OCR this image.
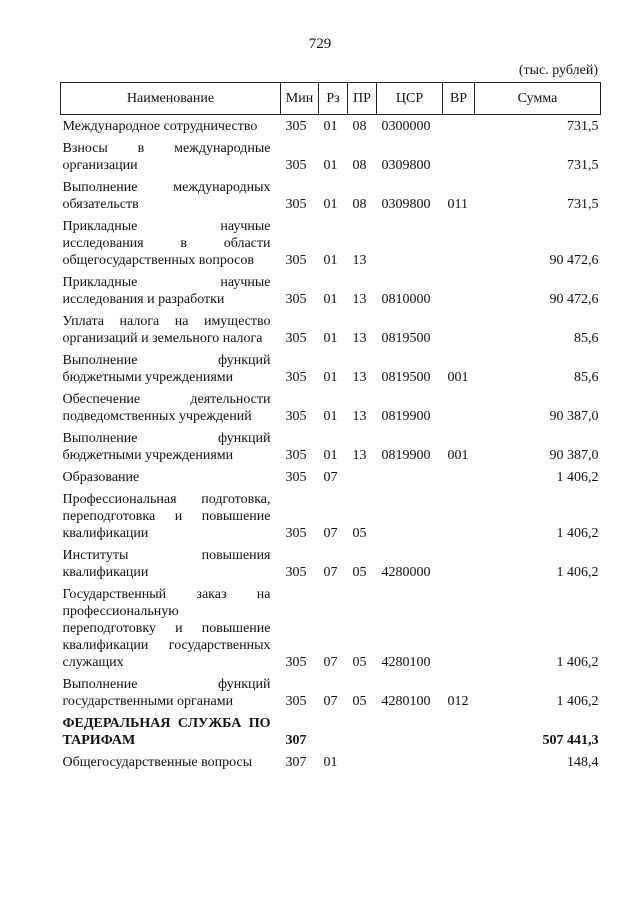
729
(тыс. рублей)
Наименование	Мин	Рз	ПР	ЦСР	ВР	Сумма
Международное сотрудничество	305	01	08	0300000		731,5
Взносы в международные организации	305	01	08	0309800		731,5
Выполнение международных обязательств	305	01	08	0309800	011	731,5
Прикладные научные исследования в области общегосударственных вопросов	305	01	13			90 472,6
Прикладные научные исследования и разработки	305	01	13	0810000		90 472,6
Уплата налога на имущество организаций и земельного налога	305	01	13	0819500		85,6
Выполнение функций бюджетными учреждениями	305	01	13	0819500	001	85,6
Обеспечение деятельности подведомственных учреждений	305	01	13	0819900		90 387,0
Выполнение функций бюджетными учреждениями	305	01	13	0819900	001	90 387,0
Образование	305	07				1 406,2
Профессиональная подготовка, переподготовка и повышение квалификации	305	07	05			1 406,2
Институты повышения квалификации	305	07	05	4280000		1 406,2
Государственный заказ на профессиональную переподготовку и повышение квалификации государственных служащих	305	07	05	4280100		1 406,2
Выполнение функций государственными органами	305	07	05	4280100	012	1 406,2
ФЕДЕРАЛЬНАЯ СЛУЖБА ПО ТАРИФАМ	307					507 441,3
Общегосударственные вопросы	307	01				148,4
